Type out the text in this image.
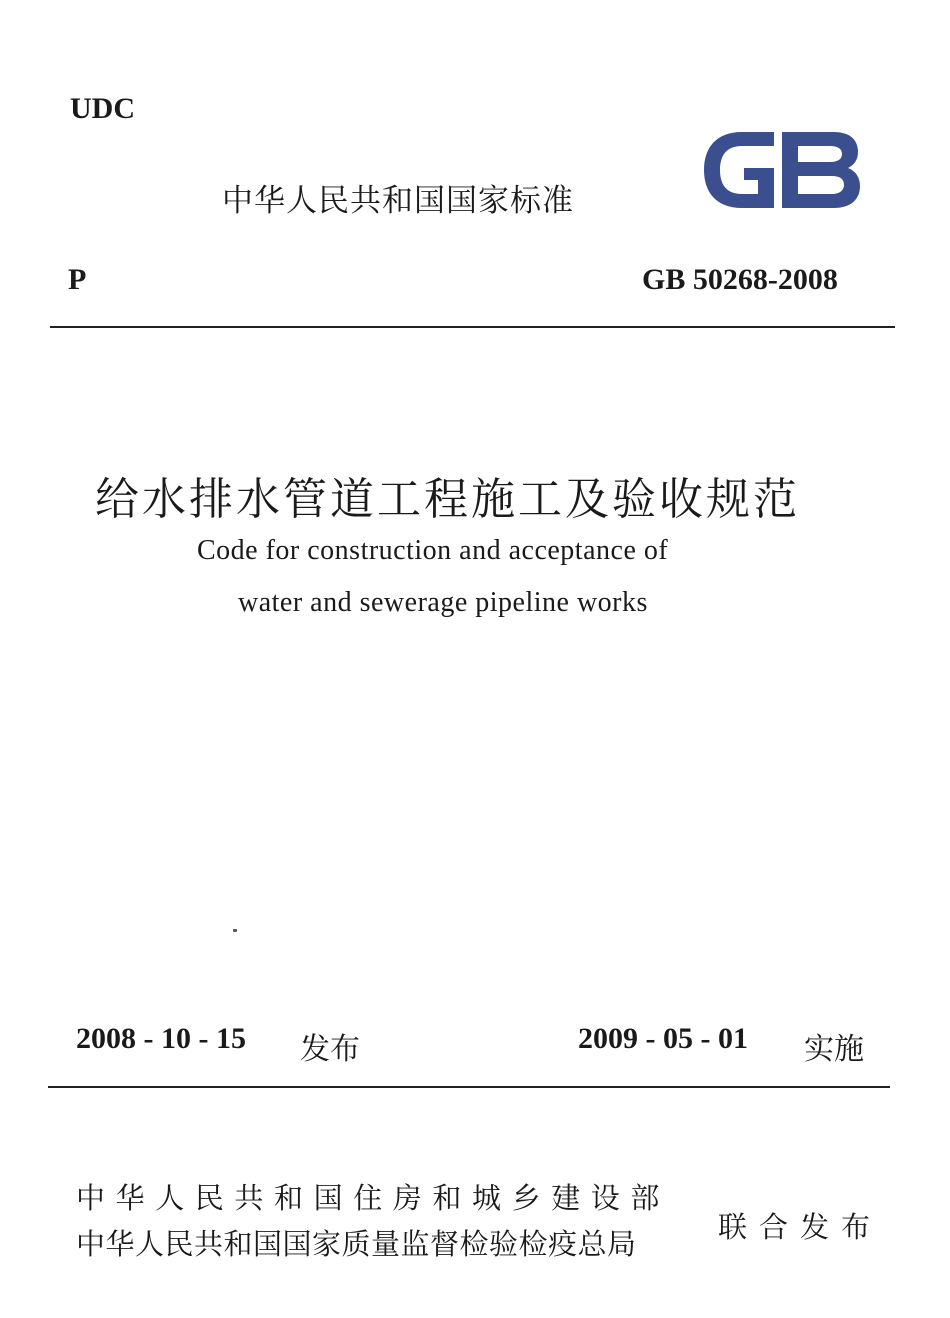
UDC
中华人民共和国国家标准
P	GB 50268-2008
给水排水管道工程施工及验收规范
Code for construction and acceptance of
water and sewerage pipeline works
2008 - 10 - 15 发布	2009 - 05 - 01 实施
中华人民共和国住房和城乡建设部
中华人民共和国国家质量监督检验检疫总局	联合发布
